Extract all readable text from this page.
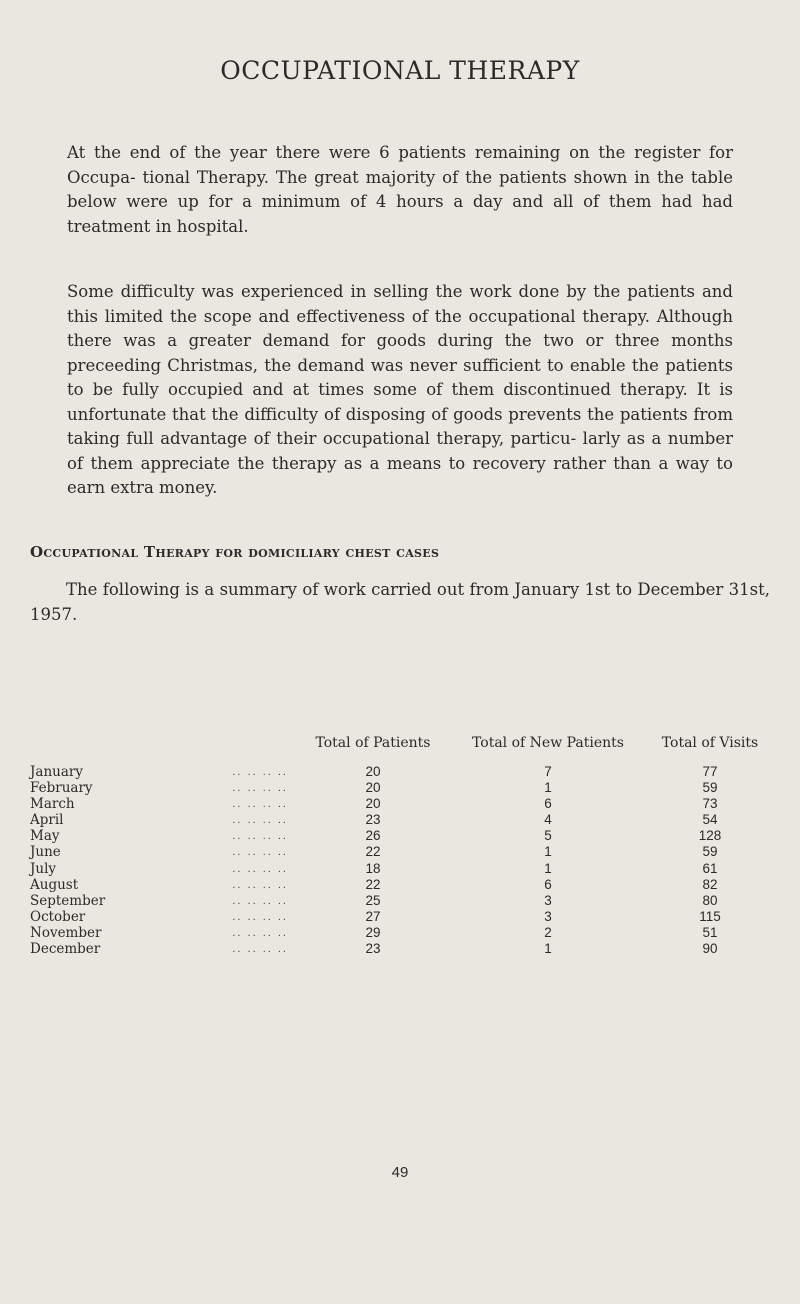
OCCUPATIONAL THERAPY

At the end of the year there were 6 patients remaining on the register for Occupa- tional Therapy. The great majority of the patients shown in the table below were up for a minimum of 4 hours a day and all of them had had treatment in hospital.

Some difficulty was experienced in selling the work done by the patients and this limited the scope and effectiveness of the occupational therapy. Although there was a greater demand for goods during the two or three months preceeding Christmas, the demand was never sufficient to enable the patients to be fully occupied and at times some of them discontinued therapy. It is unfortunate that the difficulty of disposing of goods prevents the patients from taking full advantage of their occupational therapy, particu- larly as a number of them appreciate the therapy as a means to recovery rather than a way to earn extra money.

Occupational Therapy for domiciliary chest cases

The following is a summary of work carried out from January 1st to December 31st, 1957.

	Total of Patients	Total of New Patients	Total of Visits

.. .. .. ..
January	20	7	77

.. .. .. ..
February	20	1	59

.. .. .. ..
March	20	6	73

.. .. .. ..
April	23	4	54

.. .. .. ..
May	26	5	128

.. .. .. ..
June	22	1	59

.. .. .. ..
July	18	1	61

.. .. .. ..
August	22	6	82

.. .. .. ..
September	25	3	80

.. .. .. ..
October	27	3	115

.. .. .. ..
November	29	2	51

.. .. .. ..
December	23	1	90
49
